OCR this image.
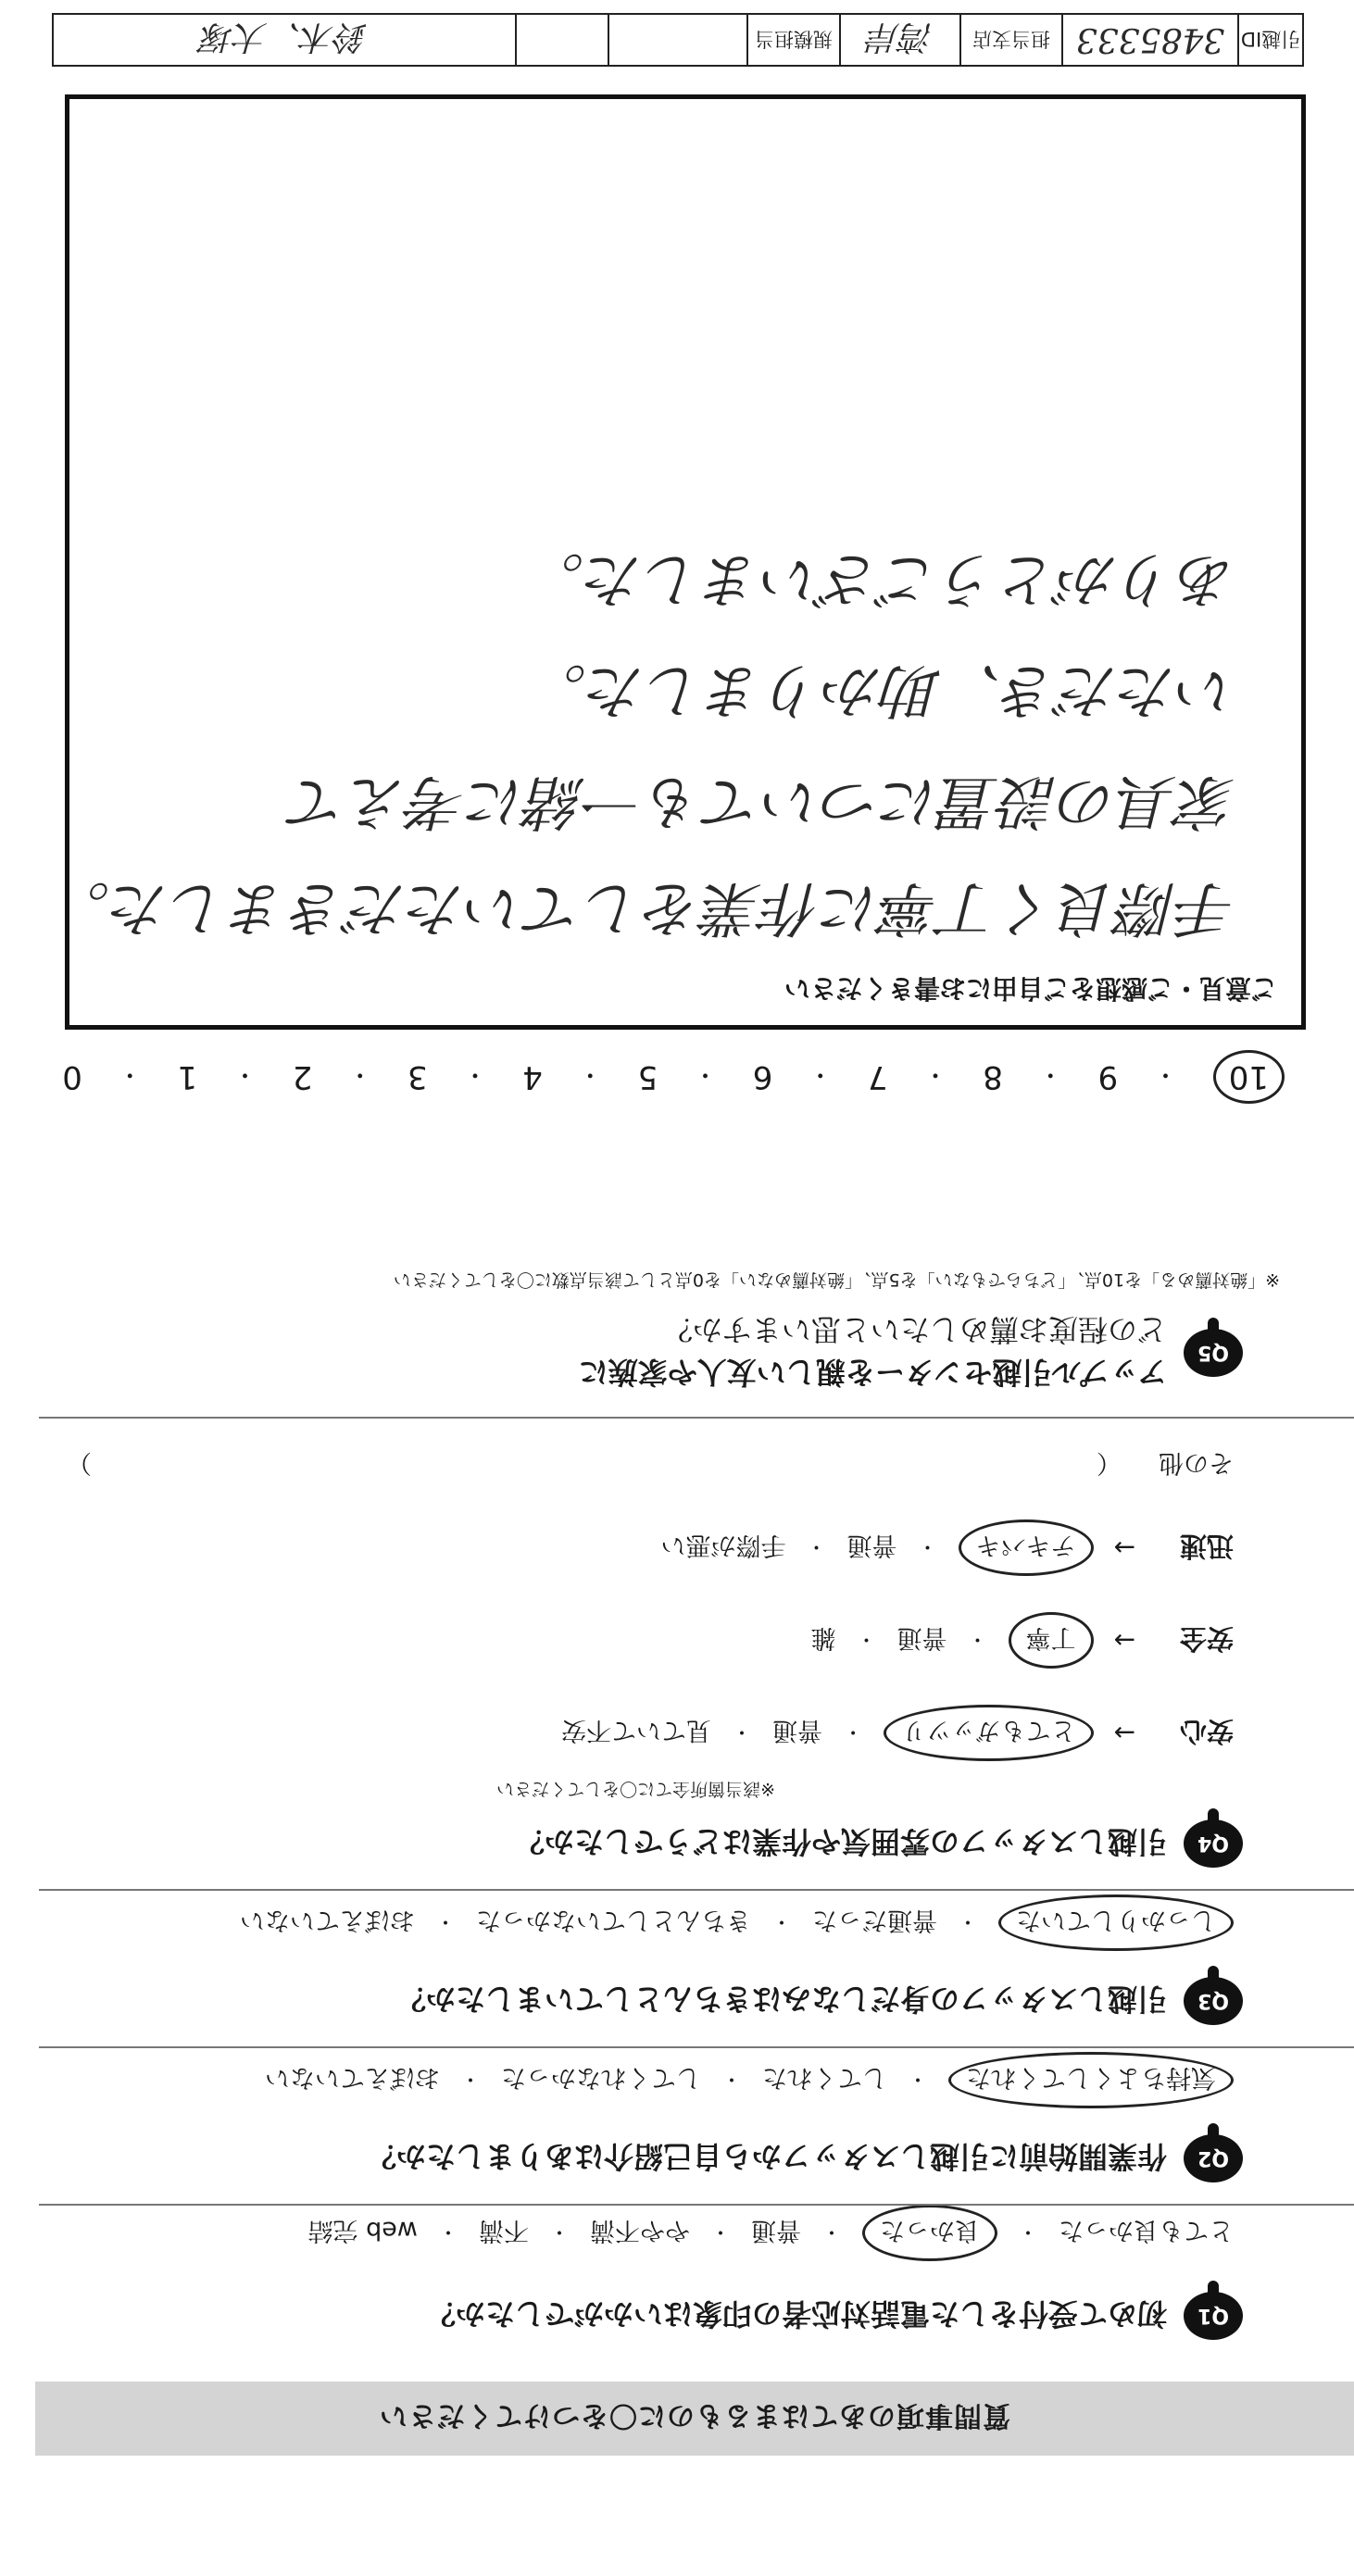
質問事項のあてはまるものに〇をつけてください
Q1
初めて受付をした電話対応者の印象はいかがでしたか？
とても良かった
・
良かった
・
普通
・
やや不満
・
不満
・
web 完結
Q2
作業開始前に引越しスタッフから自己紹介はありましたか？
気持ちよくしてくれた
・
してくれた
・
してくれなかった
・
おぼえていない
Q3
引越しスタッフの身だしなみはきちんとしていましたか？
しっかりしていた
・
普通だった
・
きちんとしていなかった
・
おぼえていない
Q4
引越しスタッフの雰囲気や作業はどうでしたか？
※該当箇所全てに〇をしてください
安心
→
とてもガッツリ
・
普通
・
見ていて不安
安全
→
丁寧
・
普通
・
雑
迅速
→
テキパキ
・
普通
・
手際が悪い
その他
（
）
Q5
アップル引越センターを親しい友人や家族に
どの程度お薦めしたいと思いますか？
※「絶対薦める」を10点、「どちらでもない」を5点、「絶対薦めない」を0点として該当点数に〇をしてください
10
・
9
・
8
・
7
・
6
・
5
・
4
・
3
・
2
・
1
・
0
ご意見・ご感想をご自由にお書きください
手際良く丁寧に作業をしていただきました。
家具の設置についても一緒に考えて
いただき、助かりました。
ありがとうございました。
引越ID
3485333
担当支店
湾岸
規模担当
鈴木、大塚
